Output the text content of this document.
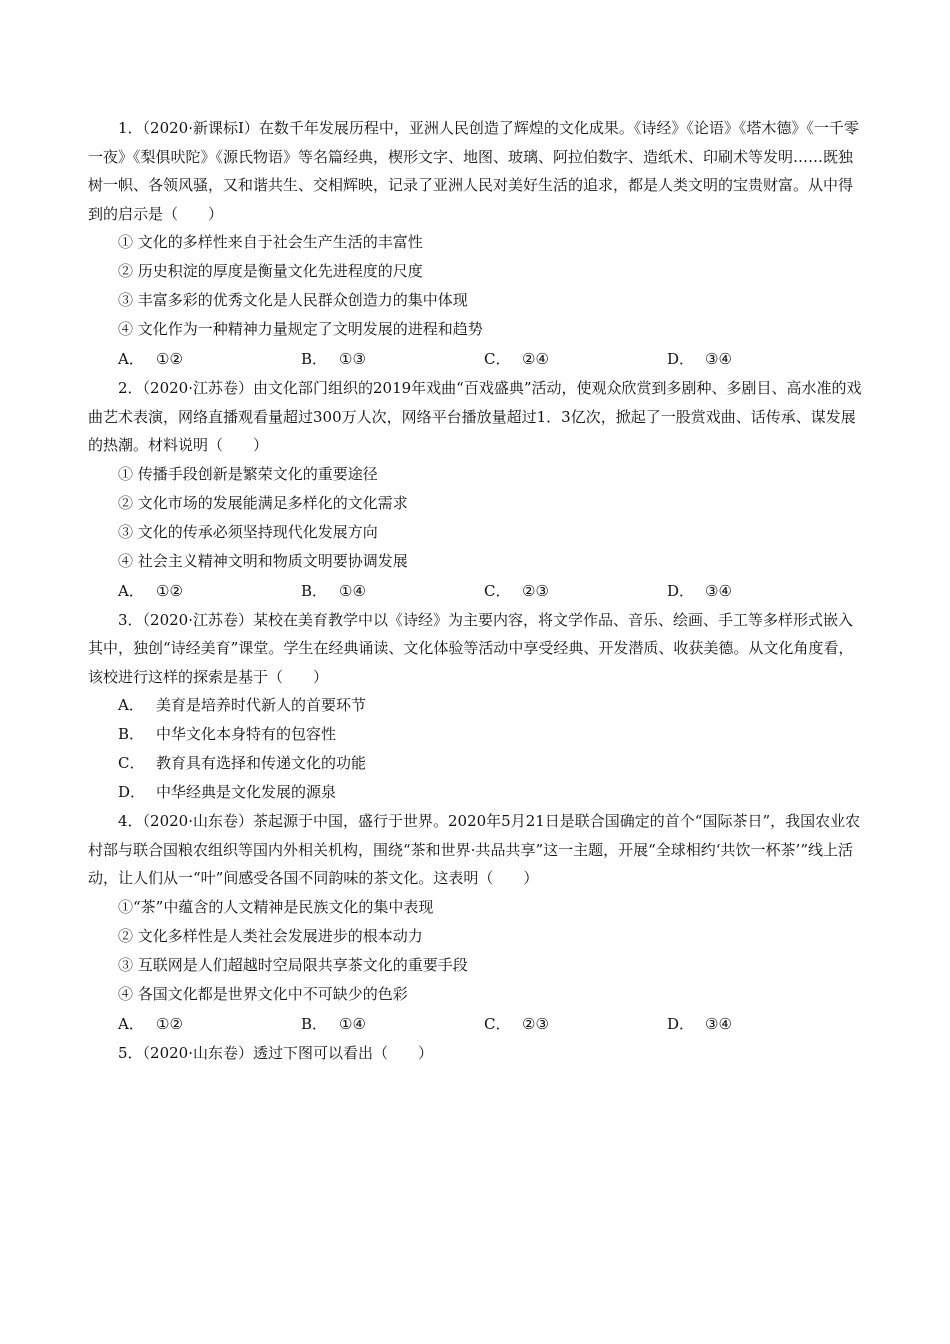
1．（2020·新课标Ⅰ）在数千年发展历程中，亚洲人民创造了辉煌的文化成果。《诗经》《论语》《塔木德》《一千零一夜》《梨俱吠陀》《源氏物语》等名篇经典，楔形文字、地图、玻璃、阿拉伯数字、造纸术、印刷术等发明……既独树一帜、各领风骚，又和谐共生、交相辉映，记录了亚洲人民对美好生活的追求，都是人类文明的宝贵财富。从中得到的启示是（　　）

① 文化的多样性来自于社会生产生活的丰富性

② 历史积淀的厚度是衡量文化先进程度的尺度

③ 丰富多彩的优秀文化是人民群众创造力的集中体现

④ 文化作为一种精神力量规定了文明发展的进程和趋势

A． ①②	B． ①③	C． ②④	D． ③④

2．（2020·江苏卷）由文化部门组织的2019年戏曲“百戏盛典”活动，使观众欣赏到多剧种、多剧目、高水准的戏曲艺术表演，网络直播观看量超过300万人次，网络平台播放量超过1．3亿次，掀起了一股赏戏曲、话传承、谋发展的热潮。材料说明（　　）

① 传播手段创新是繁荣文化的重要途径

② 文化市场的发展能满足多样化的文化需求

③ 文化的传承必须坚持现代化发展方向

④ 社会主义精神文明和物质文明要协调发展

A． ①②	B． ①④	C． ②③	D． ③④

3．（2020·江苏卷）某校在美育教学中以《诗经》为主要内容，将文学作品、音乐、绘画、手工等多样形式嵌入其中，独创“诗经美育”课堂。学生在经典诵读、文化体验等活动中享受经典、开发潜质、收获美德。从文化角度看，该校进行这样的探索是基于（　　）

A． 美育是培养时代新人的首要环节

B． 中华文化本身特有的包容性

C． 教育具有选择和传递文化的功能

D． 中华经典是文化发展的源泉

4．（2020·山东卷）茶起源于中国，盛行于世界。2020年5月21日是联合国确定的首个“国际茶日”，我国农业农村部与联合国粮农组织等国内外相关机构，围绕“茶和世界·共品共享”这一主题，开展“全球相约‘共饮一杯茶’”线上活动，让人们从一“叶”间感受各国不同韵味的茶文化。这表明（　　）

①“茶”中蕴含的人文精神是民族文化的集中表现

② 文化多样性是人类社会发展进步的根本动力

③ 互联网是人们超越时空局限共享茶文化的重要手段

④ 各国文化都是世界文化中不可缺少的色彩

A． ①②	B． ①④	C． ②③	D． ③④

5．（2020·山东卷）透过下图可以看出（　　）
